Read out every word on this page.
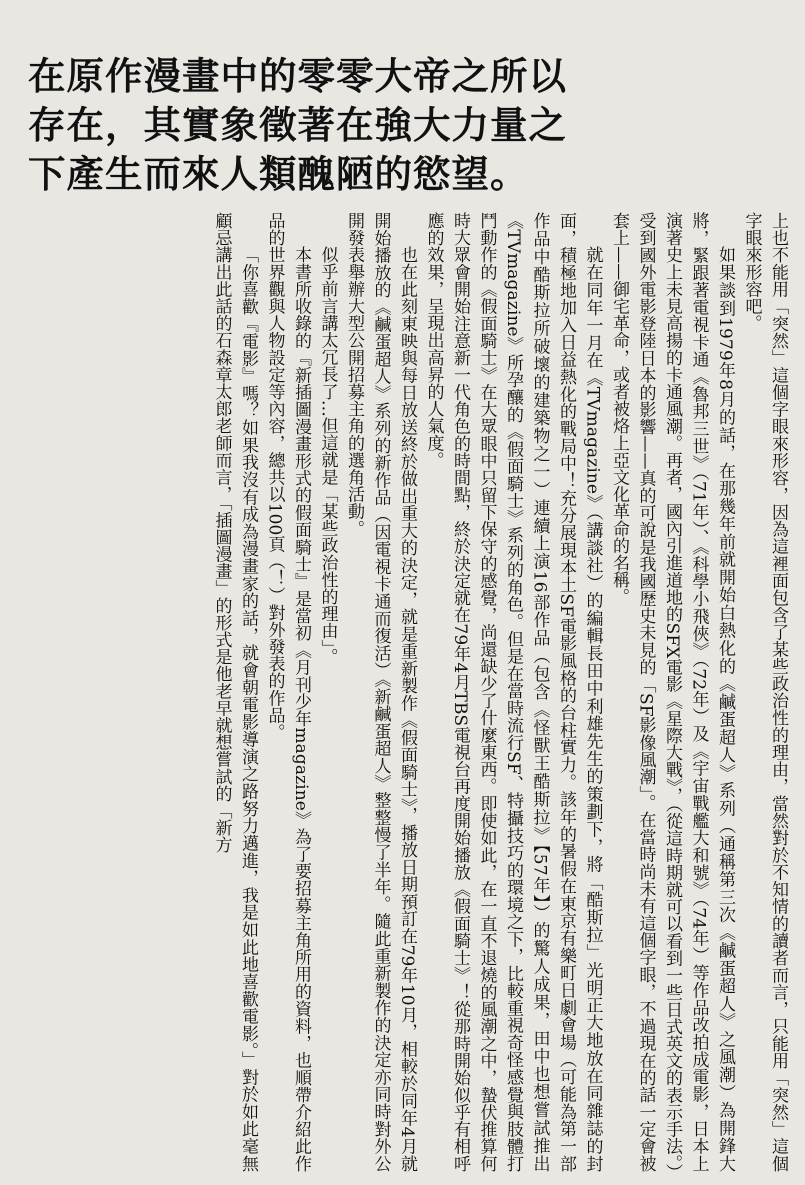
在原作漫畫中的零零大帝之所以
存在，其實象徵著在強大力量之
下產生而來人類醜陋的慾望。

上也不能用「突然」這個字眼來形容，因為這裡面包含了某些政治性的理由，當然對於不知情的讀者而言，只能用「突然」這個字眼來形容吧。

如果談到1979年8月的話，在那幾年前就開始白熱化的《鹹蛋超人》系列（通稱第三次《鹹蛋超人》之風潮）為開鋒大將，緊跟著電視卡通《魯邦三世》（71年）、《科學小飛俠》（72年）及《宇宙戰艦大和號》（74年）等作品改拍成電影，日本上演著史上未見高揚的卡通風潮。再者，國內引進道地的SFX電影《星際大戰》，（從這時期就可以看到一些日式英文的表示手法。）受到國外電影登陸日本的影響——真的可說是我國歷史未見的「SF影像風潮」。在當時尚未有這個字眼，不過現在的話一定會被套上——御宅革命，或者被烙上亞文化革命的名稱。

就在同年一月在《TVmagazine》（講談社）的編輯長田中利雄先生的策劃下，將「酷斯拉」光明正大地放在同雜誌的封面，積極地加入日益熱化的戰局中！充分展現本土SF電影風格的台柱實力。該年的暑假在東京有樂町日劇會場（可能為第一部作品中酷斯拉所破壞的建築物之一）連續上演16部作品（包含《怪獸王酷斯拉》【57年】）的驚人成果，田中也想嘗試推出《TVmagazine》所孕釀的《假面騎士》系列的角色。但是在當時流行SF、特攝技巧的環境之下，比較重視奇怪感覺與肢體打鬥動作的《假面騎士》在大眾眼中只留下保守的感覺，尚還缺少了什麼東西。即使如此，在一直不退燒的風潮之中，蟄伏推算何時大眾會開始注意新一代角色的時間點，終於決定就在79年4月TBS電視台再度開始播放《假面騎士》！從那時開始似乎有相呼應的效果，呈現出高昇的人氣度。

也在此刻東映與每日放送終於做出重大的決定，就是重新製作《假面騎士》，播放日期預訂在79年10月，相較於同年4月就開始播放的《鹹蛋超人》系列的新作品（因電視卡通而復活）《新鹹蛋超人》整整慢了半年。隨此重新製作的決定亦同時對外公開發表舉辦大型公開招募主角的選角活動。

似乎前言講太冗長了…但這就是「某些政治性的理由」。

本書所收錄的『新插圖漫畫形式的假面騎士』是當初《月刊少年magazine》為了要招募主角所用的資料，也順帶介紹此作品的世界觀與人物設定等內容，總共以100頁（！）對外發表的作品。

「你喜歡『電影』嗎？如果我沒有成為漫畫家的話，就會朝電影導演之路努力邁進，我是如此地喜歡電影。」對於如此毫無顧忌講出此話的石森章太郎老師而言，「插圖漫畫」的形式是他老早就想嘗試的「新方
